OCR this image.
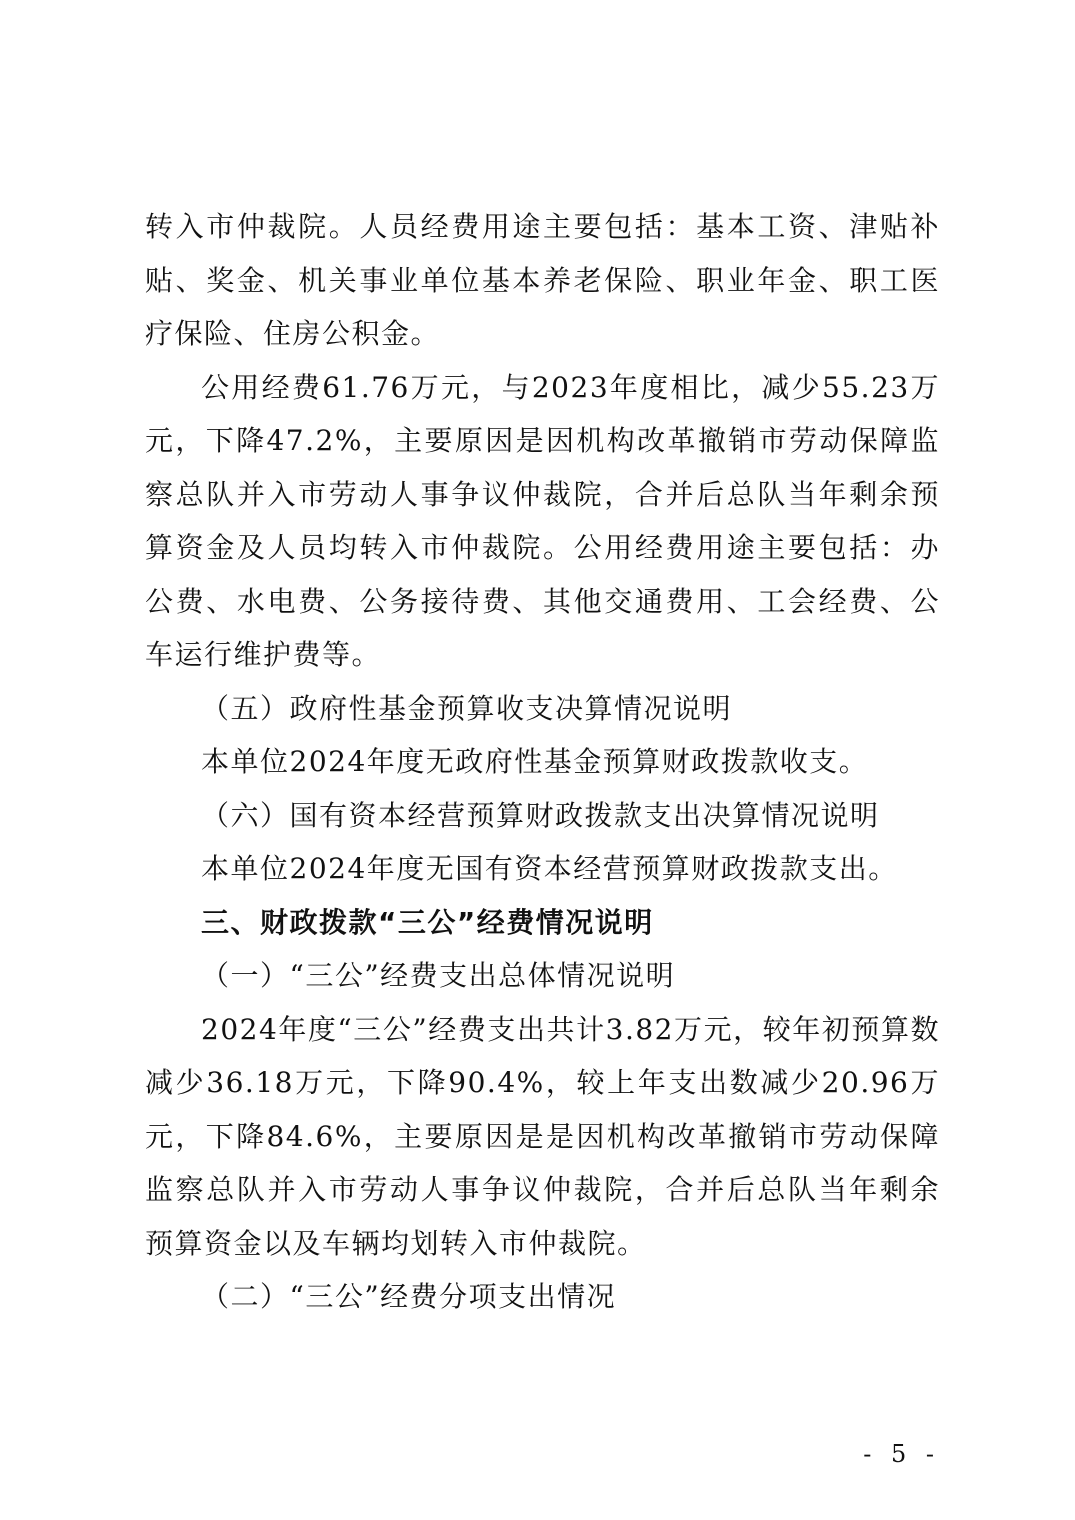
转入市仲裁院。人员经费用途主要包括：基本工资、津贴补贴、奖金、机关事业单位基本养老保险、职业年金、职工医疗保险、住房公积金。

公用经费61.76万元，与2023年度相比，减少55.23万元，下降47.2%，主要原因是因机构改革撤销市劳动保障监察总队并入市劳动人事争议仲裁院，合并后总队当年剩余预算资金及人员均转入市仲裁院。公用经费用途主要包括：办公费、水电费、公务接待费、其他交通费用、工会经费、公车运行维护费等。

（五）政府性基金预算收支决算情况说明

本单位2024年度无政府性基金预算财政拨款收支。

（六）国有资本经营预算财政拨款支出决算情况说明

本单位2024年度无国有资本经营预算财政拨款支出。

三、财政拨款“三公”经费情况说明

（一）“三公”经费支出总体情况说明

2024年度“三公”经费支出共计3.82万元，较年初预算数减少36.18万元，下降90.4%，较上年支出数减少20.96万元，下降84.6%，主要原因是是因机构改革撤销市劳动保障监察总队并入市劳动人事争议仲裁院，合并后总队当年剩余预算资金以及车辆均划转入市仲裁院。

（二）“三公”经费分项支出情况

- 5 -
